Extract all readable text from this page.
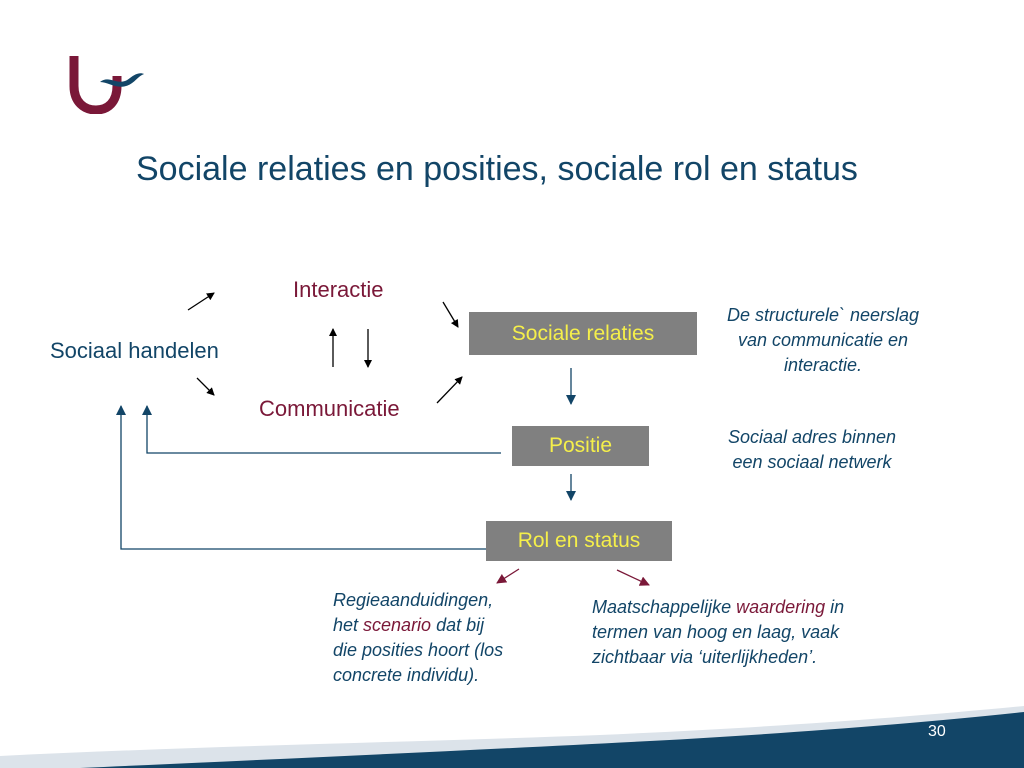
Sociale relaties en posities, sociale rol en status
Sociaal handelen
Interactie
Communicatie
Sociale relaties
Positie
Rol en status
De structurele` neerslag
van communicatie en
interactie.
Sociaal adres binnen
een sociaal netwerk
Regieaanduidingen,
het scenario dat bij
die posities hoort (los
concrete individu).
Maatschappelijke waardering in
termen van hoog en laag, vaak
zichtbaar via ‘uiterlijkheden’.
30
